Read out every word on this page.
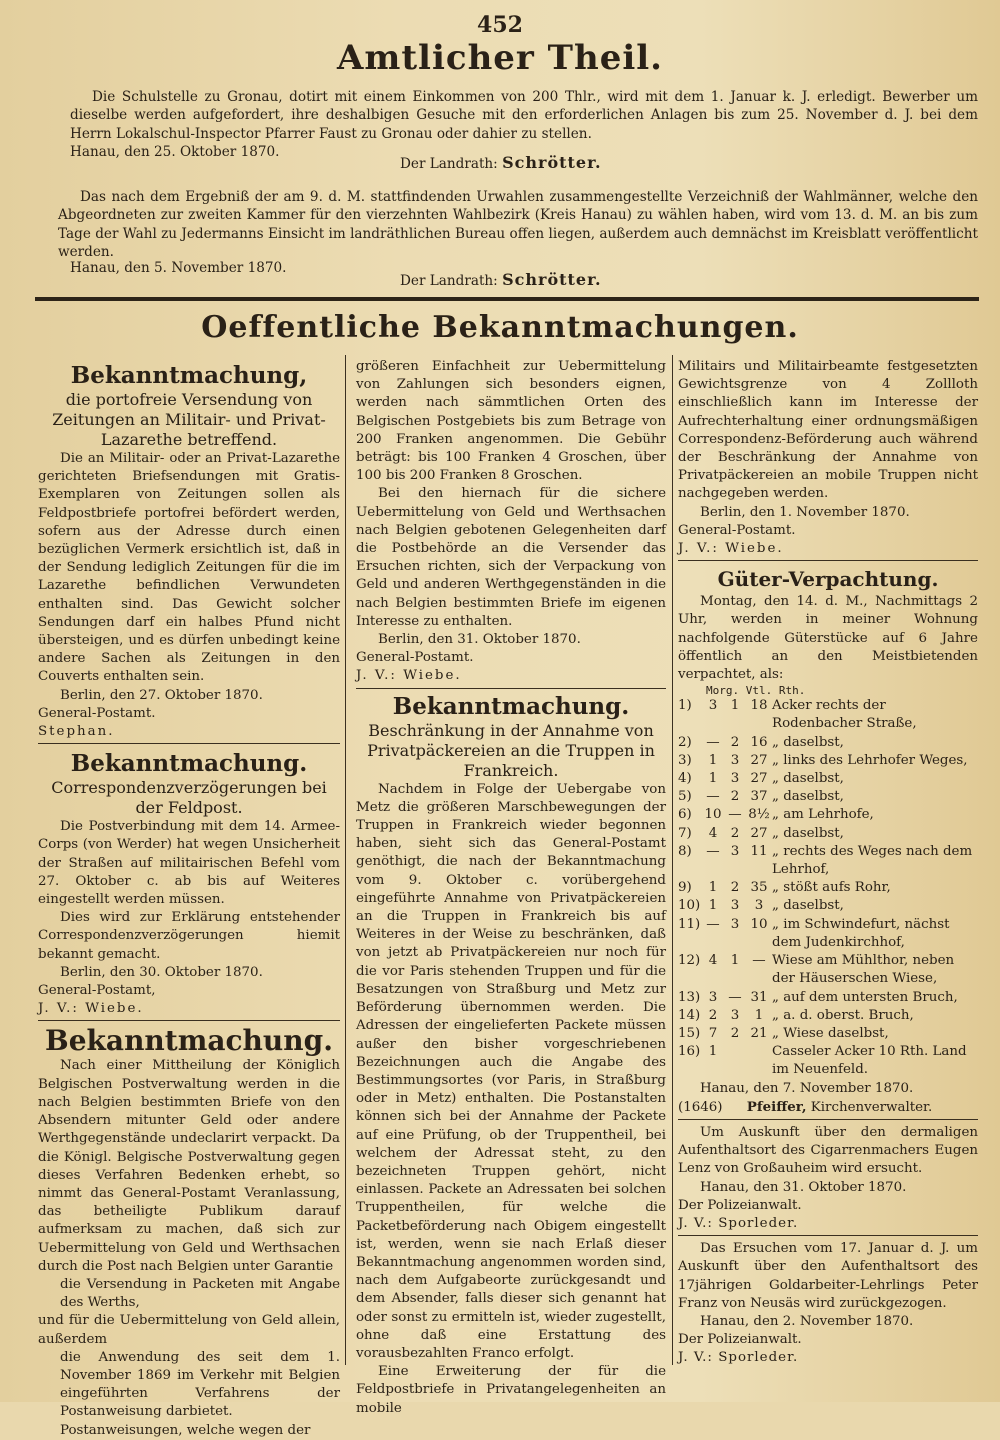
452
Amtlicher Theil.
Die Schulstelle zu Gronau, dotirt mit einem Einkommen von 200 Thlr., wird mit dem 1. Januar k. J. erledigt. Bewerber um dieselbe werden aufgefordert, ihre deshalbigen Gesuche mit den erforderlichen Anlagen bis zum 25. November d. J. bei dem Herrn Lokalschul-Inspector Pfarrer Faust zu Gronau oder dahier zu stellen.
Hanau, den 25. Oktober 1870.
Der Landrath: Schrötter.
Das nach dem Ergebniß der am 9. d. M. stattfindenden Urwahlen zusammengestellte Verzeichniß der Wahlmänner, welche den Abgeordneten zur zweiten Kammer für den vierzehnten Wahlbezirk (Kreis Hanau) zu wählen haben, wird vom 13. d. M. an bis zum Tage der Wahl zu Jedermanns Einsicht im landräthlichen Bureau offen liegen, außerdem auch demnächst im Kreisblatt veröffentlicht werden.
Hanau, den 5. November 1870.
Der Landrath: Schrötter.
Oeffentliche Bekanntmachungen.
Bekanntmachung,
die portofreie Versendung von Zeitungen an Militair- und Privat-Lazarethe betreffend.
Die an Militair- oder an Privat-Lazarethe gerichteten Briefsendungen mit Gratis-Exemplaren von Zeitungen sollen als Feldpostbriefe portofrei befördert werden, sofern aus der Adresse durch einen bezüglichen Vermerk ersichtlich ist, daß in der Sendung lediglich Zeitungen für die im Lazarethe befindlichen Verwundeten enthalten sind. Das Gewicht solcher Sendungen darf ein halbes Pfund nicht übersteigen, und es dürfen unbedingt keine andere Sachen als Zeitungen in den Couverts enthalten sein.
Berlin, den 27. Oktober 1870.
General-Postamt.
Stephan.
Bekanntmachung.
Correspondenzverzögerungen bei der Feldpost.
Die Postverbindung mit dem 14. Armee-Corps (von Werder) hat wegen Unsicherheit der Straßen auf militairischen Befehl vom 27. Oktober c. ab bis auf Weiteres eingestellt werden müssen.
Dies wird zur Erklärung entstehender Correspondenzverzögerungen hiemit bekannt gemacht.
Berlin, den 30. Oktober 1870.
General-Postamt,
J. V.: Wiebe.
Bekanntmachung.
Nach einer Mittheilung der Königlich Belgischen Postverwaltung werden in die nach Belgien bestimmten Briefe von den Absendern mitunter Geld oder andere Werthgegenstände undeclarirt verpackt. Da die Königl. Belgische Postverwaltung gegen dieses Verfahren Bedenken erhebt, so nimmt das General-Postamt Veranlassung, das betheiligte Publikum darauf aufmerksam zu machen, daß sich zur Uebermittelung von Geld und Werthsachen durch die Post nach Belgien unter Garantie
die Versendung in Packeten mit Angabe des Werths,
und für die Uebermittelung von Geld allein, außerdem
die Anwendung des seit dem 1. November 1869 im Verkehr mit Belgien eingeführten Verfahrens der Postanweisung darbietet.
Postanweisungen, welche wegen der
größeren Einfachheit zur Uebermittelung von Zahlungen sich besonders eignen, werden nach sämmtlichen Orten des Belgischen Postgebiets bis zum Betrage von 200 Franken angenommen. Die Gebühr beträgt: bis 100 Franken 4 Groschen, über 100 bis 200 Franken 8 Groschen.
Bei den hiernach für die sichere Uebermittelung von Geld und Werthsachen nach Belgien gebotenen Gelegenheiten darf die Postbehörde an die Versender das Ersuchen richten, sich der Verpackung von Geld und anderen Werthgegenständen in die nach Belgien bestimmten Briefe im eigenen Interesse zu enthalten.
Berlin, den 31. Oktober 1870.
General-Postamt.
J. V.: Wiebe.
Bekanntmachung.
Beschränkung in der Annahme von Privatpäckereien an die Truppen in Frankreich.
Nachdem in Folge der Uebergabe von Metz die größeren Marschbewegungen der Truppen in Frankreich wieder begonnen haben, sieht sich das General-Postamt genöthigt, die nach der Bekanntmachung vom 9. Oktober c. vorübergehend eingeführte Annahme von Privatpäckereien an die Truppen in Frankreich bis auf Weiteres in der Weise zu beschränken, daß von jetzt ab Privatpäckereien nur noch für die vor Paris stehenden Truppen und für die Besatzungen von Straßburg und Metz zur Beförderung übernommen werden. Die Adressen der eingelieferten Packete müssen außer den bisher vorgeschriebenen Bezeichnungen auch die Angabe des Bestimmungsortes (vor Paris, in Straßburg oder in Metz) enthalten. Die Postanstalten können sich bei der Annahme der Packete auf eine Prüfung, ob der Truppentheil, bei welchem der Adressat steht, zu den bezeichneten Truppen gehört, nicht einlassen. Packete an Adressaten bei solchen Truppentheilen, für welche die Packetbeförderung nach Obigem eingestellt ist, werden, wenn sie nach Erlaß dieser Bekanntmachung angenommen worden sind, nach dem Aufgabeorte zurückgesandt und dem Absender, falls dieser sich genannt hat oder sonst zu ermitteln ist, wieder zugestellt, ohne daß eine Erstattung des vorausbezahlten Franco erfolgt.
Eine Erweiterung der für die Feldpostbriefe in Privatangelegenheiten an mobile
Militairs und Militairbeamte festgesetzten Gewichtsgrenze von 4 Zollloth einschließlich kann im Interesse der Aufrechterhaltung einer ordnungsmäßigen Correspondenz-Beförderung auch während der Beschränkung der Annahme von Privatpäckereien an mobile Truppen nicht nachgegeben werden.
Berlin, den 1. November 1870.
General-Postamt.
J. V.: Wiebe.
Güter-Verpachtung.
Montag, den 14. d. M., Nachmittags 2 Uhr, werden in meiner Wohnung nachfolgende Güterstücke auf 6 Jahre öffentlich an den Meistbietenden verpachtet, als:
Morg. Vtl. Rth.
1)	3	1	18	Acker rechts der Rodenbacher Straße,
2)	—	2	16	„ daselbst,
3)	1	3	27	„ links des Lehrhofer Weges,
4)	1	3	27	„ daselbst,
5)	—	2	37	„ daselbst,
6)	10	—	8½	„ am Lehrhofe,
7)	4	2	27	„ daselbst,
8)	—	3	11	„ rechts des Weges nach dem Lehrhof,
9)	1	2	35	„ stößt aufs Rohr,
10)	1	3	3	„ daselbst,
11)	—	3	10	„ im Schwindefurt, nächst dem Judenkirchhof,
12)	4	1	—	Wiese am Mühlthor, neben der Häuserschen Wiese,
13)	3	—	31	„ auf dem untersten Bruch,
14)	2	3	1	„ a. d. oberst. Bruch,
15)	7	2	21	„ Wiese daselbst,
16)	1			Casseler Acker 10 Rth. Land im Neuenfeld.
Hanau, den 7. November 1870.
(1646) Pfeiffer, Kirchenverwalter.
Um Auskunft über den dermaligen Aufenthaltsort des Cigarrenmachers Eugen Lenz von Großauheim wird ersucht.
Hanau, den 31. Oktober 1870.
Der Polizeianwalt.
J. V.: Sporleder.
Das Ersuchen vom 17. Januar d. J. um Auskunft über den Aufenthaltsort des 17jährigen Goldarbeiter-Lehrlings Peter Franz von Neusäs wird zurückgezogen.
Hanau, den 2. November 1870.
Der Polizeianwalt.
J. V.: Sporleder.
